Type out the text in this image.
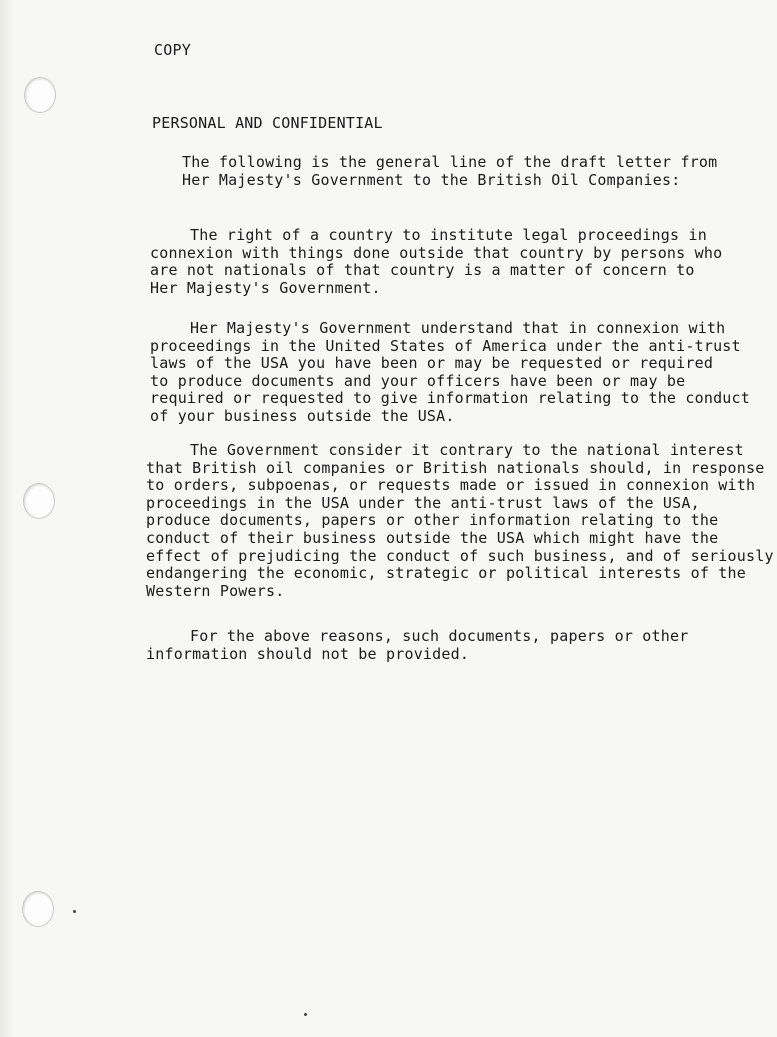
COPY
PERSONAL AND CONFIDENTIAL
The following is the general line of the draft letter from
Her Majesty's Government to the British Oil Companies:
The right of a country to institute legal proceedings in
connexion with things done outside that country by persons who
are not nationals of that country is a matter of concern to
Her Majesty's Government.
Her Majesty's Government understand that in connexion with
proceedings in the United States of America under the anti-trust
laws of the USA you have been or may be requested or required
to produce documents and your officers have been or may be
required or requested to give information relating to the conduct
of your business outside the USA.
The Government consider it contrary to the national interest
that British oil companies or British nationals should, in response
to orders, subpoenas, or requests made or issued in connexion with
proceedings in the USA under the anti-trust laws of the USA,
produce documents, papers or other information relating to the
conduct of their business outside the USA which might have the
effect of prejudicing the conduct of such business, and of seriously
endangering the economic, strategic or political interests of the
Western Powers.
For the above reasons, such documents, papers or other
information should not be provided.
